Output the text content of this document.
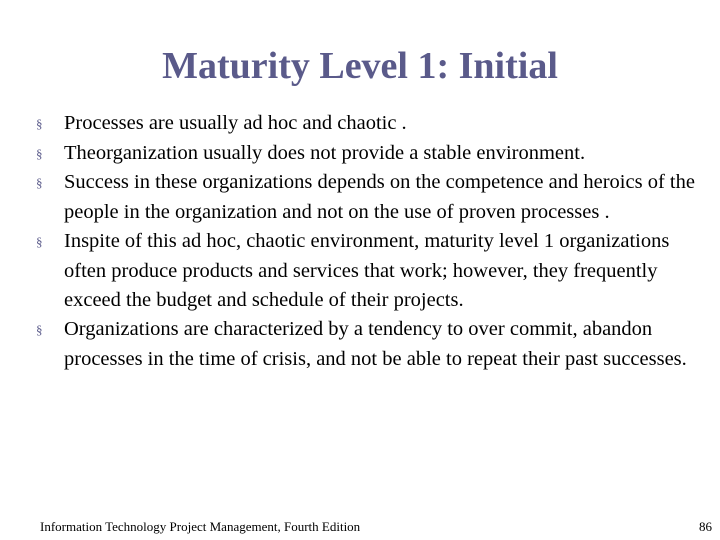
Maturity Level 1: Initial
§	Processes are usually ad hoc and chaotic .
§	Theorganization usually does not provide a stable environment.
§	Success in these organizations depends on the competence and heroics of the people in the organization and not on the use of proven processes .
§	Inspite of this ad hoc, chaotic environment, maturity level 1 organizations often produce products and services that work; however, they frequently exceed the budget and schedule of their projects.
§	Organizations are characterized by a tendency to over commit, abandon processes in the time of crisis, and not be able to repeat their past successes.
Information Technology Project Management, Fourth Edition	86
